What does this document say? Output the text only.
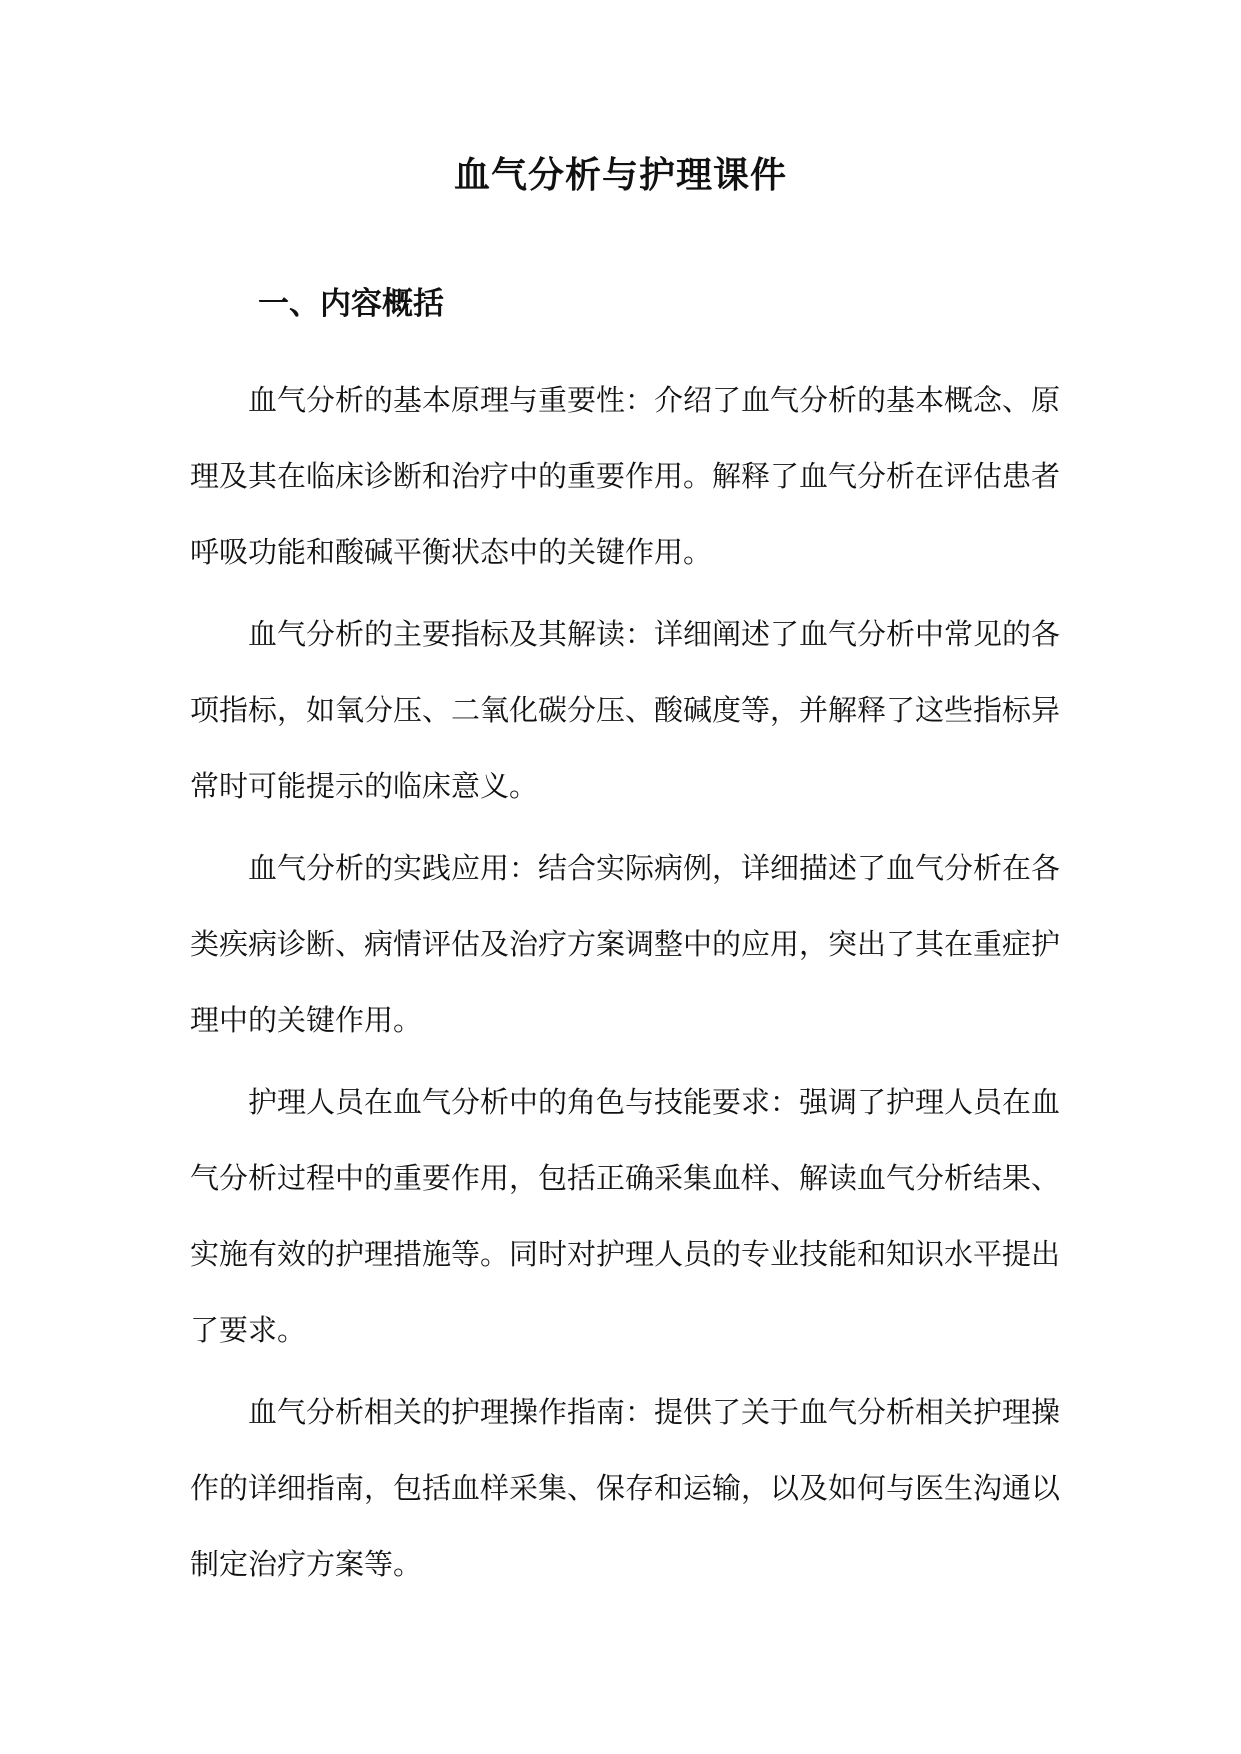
血气分析与护理课件
一、内容概括

血气分析的基本原理与重要性：介绍了血气分析的基本概念、原理及其在临床诊断和治疗中的重要作用。解释了血气分析在评估患者呼吸功能和酸碱平衡状态中的关键作用。

血气分析的主要指标及其解读：详细阐述了血气分析中常见的各项指标，如氧分压、二氧化碳分压、酸碱度等，并解释了这些指标异常时可能提示的临床意义。

血气分析的实践应用：结合实际病例，详细描述了血气分析在各类疾病诊断、病情评估及治疗方案调整中的应用，突出了其在重症护理中的关键作用。

护理人员在血气分析中的角色与技能要求：强调了护理人员在血气分析过程中的重要作用，包括正确采集血样、解读血气分析结果、实施有效的护理措施等。同时对护理人员的专业技能和知识水平提出了要求。

血气分析相关的护理操作指南：提供了关于血气分析相关护理操作的详细指南，包括血样采集、保存和运输，以及如何与医生沟通以制定治疗方案等。
